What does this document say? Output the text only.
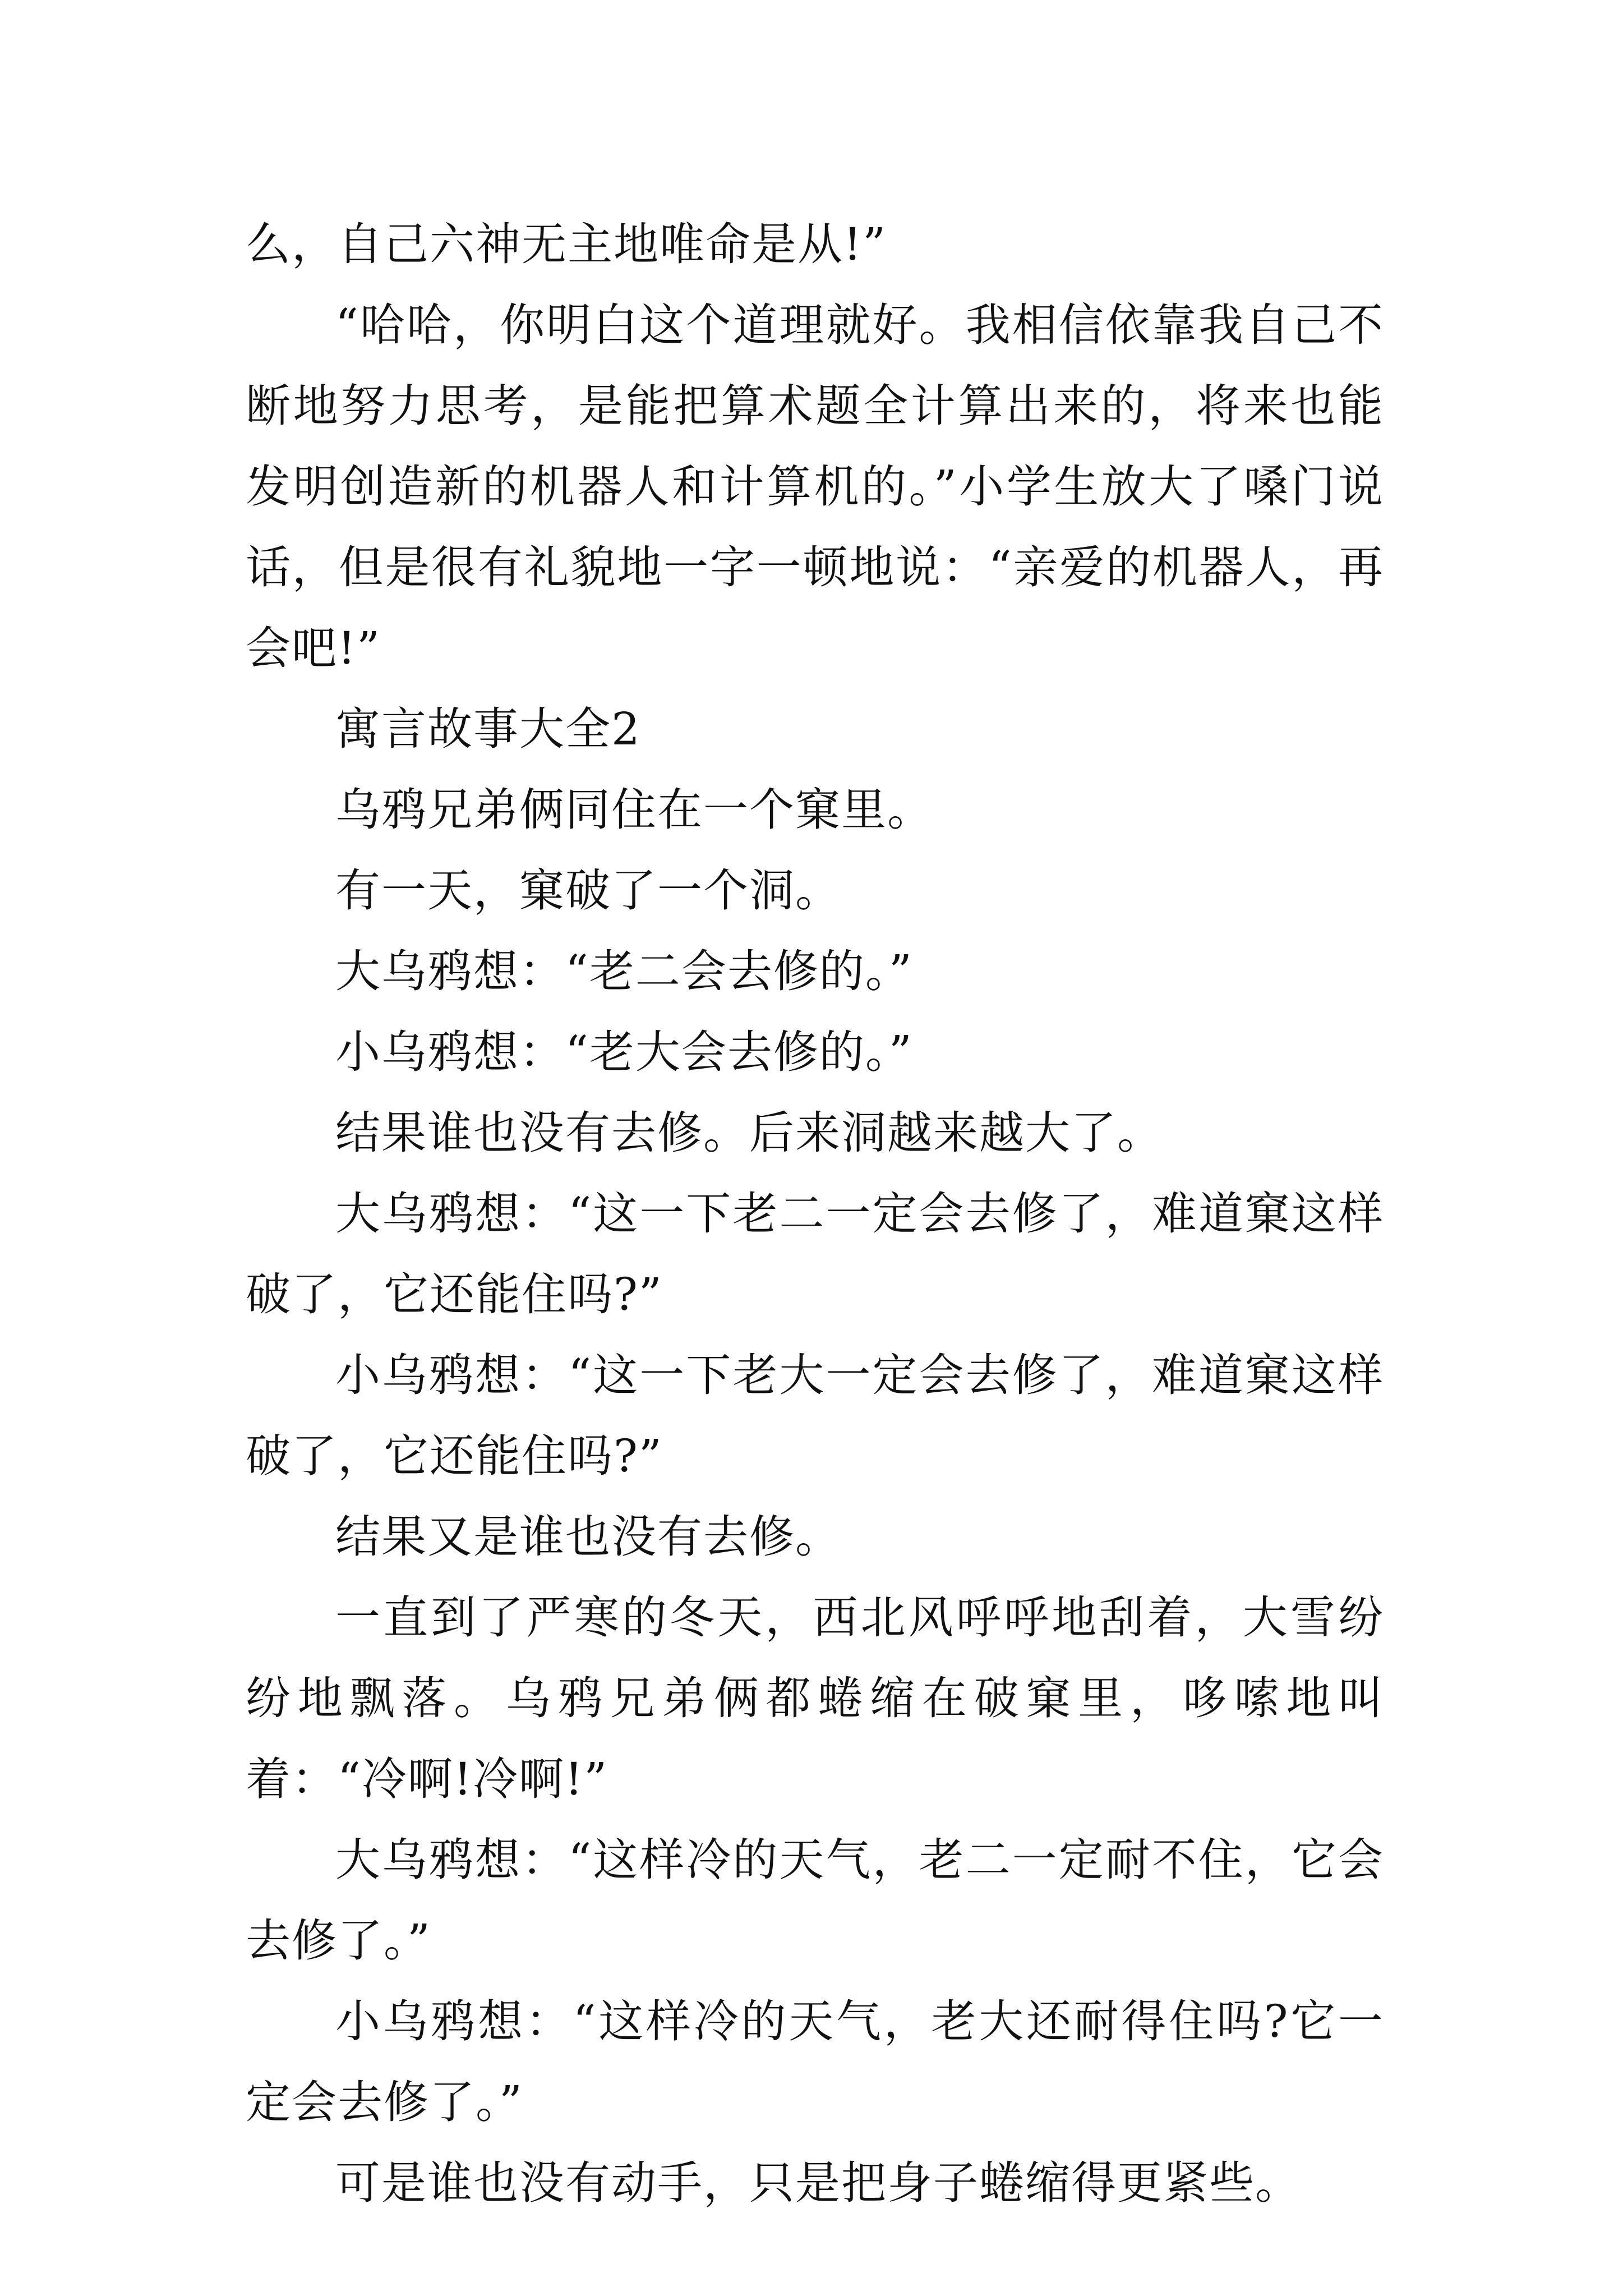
么，自己六神无主地唯命是从!”

“哈哈，你明白这个道理就好。我相信依靠我自己不断地努力思考，是能把算术题全计算出来的，将来也能发明创造新的机器人和计算机的。”小学生放大了嗓门说话，但是很有礼貌地一字一顿地说：“亲爱的机器人，再会吧!”

寓言故事大全2

乌鸦兄弟俩同住在一个窠里。

有一天，窠破了一个洞。

大乌鸦想：“老二会去修的。”

小乌鸦想：“老大会去修的。”

结果谁也没有去修。后来洞越来越大了。

大乌鸦想：“这一下老二一定会去修了，难道窠这样破了，它还能住吗?”

小乌鸦想：“这一下老大一定会去修了，难道窠这样破了，它还能住吗?”

结果又是谁也没有去修。

一直到了严寒的冬天，西北风呼呼地刮着，大雪纷纷地飘落。乌鸦兄弟俩都蜷缩在破窠里，哆嗦地叫着：“冷啊!冷啊!”

大乌鸦想：“这样冷的天气，老二一定耐不住，它会去修了。”

小乌鸦想：“这样冷的天气，老大还耐得住吗?它一定会去修了。”

可是谁也没有动手，只是把身子蜷缩得更紧些。
